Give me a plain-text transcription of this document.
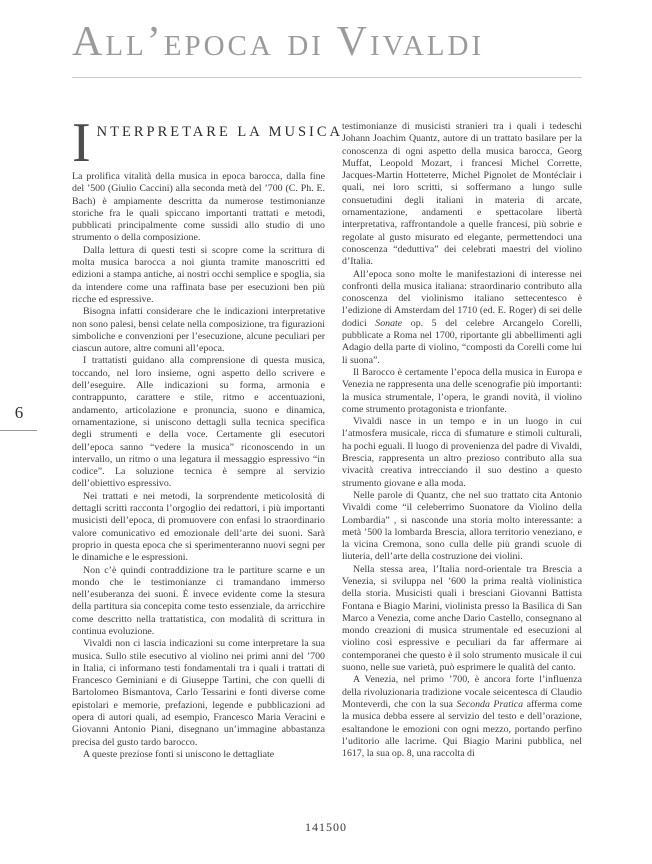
All’epoca di Vivaldi
6
I NTERPRETARE LA MUSICA

La prolifica vitalità della musica in epoca barocca, dalla fine del ’500 (Giulio Caccini) alla seconda metà del ’700 (C. Ph. E. Bach) è ampiamente descritta da numerose testimonianze storiche fra le quali spiccano importanti trattati e metodi, pubblicati principalmente come sussidi allo studio di uno strumento o della composizione.

Dalla lettura di questi testi si scopre come la scrittura di molta musica barocca a noi giunta tramite manoscritti ed edizioni a stampa antiche, ai nostri occhi semplice e spoglia, sia da intendere come una raffinata base per esecuzioni ben più ricche ed espressive.

Bisogna infatti considerare che le indicazioni interpretative non sono palesi, bensì celate nella composizione, tra figurazioni simboliche e convenzioni per l’esecuzione, alcune peculiari per ciascun autore, altre comuni all’epoca.

I trattatisti guidano alla comprensione di questa musica, toccando, nel loro insieme, ogni aspetto dello scrivere e dell’eseguire. Alle indicazioni su forma, armonia e contrappunto, carattere e stile, ritmo e accentuazioni, andamento, articolazione e pronuncia, suono e dinamica, ornamentazione, si uniscono dettagli sulla tecnica specifica degli strumenti e della voce. Certamente gli esecutori dell’epoca sanno “vedere la musica” riconoscendo in un intervallo, un ritmo o una legatura il messaggio espressivo “in codice”. La soluzione tecnica è sempre al servizio dell’obiettivo espressivo.

Nei trattati e nei metodi, la sorprendente meticolosità di dettagli scritti racconta l’orgoglio dei redattori, i più importanti musicisti dell’epoca, di promuovere con enfasi lo straordinario valore comunicativo ed emozionale dell’arte dei suoni. Sarà proprio in questa epoca che si sperimenteranno nuovi segni per le dinamiche e le espressioni.

Non c’è quindi contraddizione tra le partiture scarne e un mondo che le testimonianze ci tramandano immerso nell’esuberanza dei suoni. È invece evidente come la stesura della partitura sia concepita come testo essenziale, da arricchire come descritto nella trattatistica, con modalità di scrittura in continua evoluzione.

Vivaldi non ci lascia indicazioni su come interpretare la sua musica. Sullo stile esecutivo al violino nei primi anni del ’700 in Italia, ci informano testi fondamentali tra i quali i trattati di Francesco Geminiani e di Giuseppe Tartini, che con quelli di Bartolomeo Bismantova, Carlo Tessarini e fonti diverse come epistolari e memorie, prefazioni, legende e pubblicazioni ad opera di autori quali, ad esempio, Francesco Maria Veracini e Giovanni Antonio Piani, disegnano un’immagine abbastanza precisa del gusto tardo barocco.

A queste preziose fonti si uniscono le dettagliate

testimonianze di musicisti stranieri tra i quali i tedeschi Johann Joachim Quantz, autore di un trattato basilare per la conoscenza di ogni aspetto della musica barocca, Georg Muffat, Leopold Mozart, i francesi Michel Corrette, Jacques-Martin Hotteterre, Michel Pignolet de Montéclair i quali, nei loro scritti, si soffermano a lungo sulle consuetudini degli italiani in materia di arcate, ornamentazione, andamenti e spettacolare libertà interpretativa, raffrontandole a quelle francesi, più sobrie e regolate al gusto misurato ed elegante, permettendoci una conoscenza “deduttiva” dei celebrati maestri del violino d’Italia.

All’epoca sono molte le manifestazioni di interesse nei confronti della musica italiana: straordinario contributo alla conoscenza del violinismo italiano settecentesco è l’edizione di Amsterdam del 1710 (ed. E. Roger) di sei delle dodici Sonate op. 5 del celebre Arcangelo Corelli, pubblicate a Roma nel 1700, riportante gli abbellimenti agli Adagio della parte di violino, “composti da Corelli come lui li suona”.

Il Barocco è certamente l’epoca della musica in Europa e Venezia ne rappresenta una delle scenografie più importanti: la musica strumentale, l’opera, le grandi novità, il violino come strumento protagonista e trionfante.

Vivaldi nasce in un tempo e in un luogo in cui l’atmosfera musicale, ricca di sfumature e stimoli culturali, ha pochi eguali. Il luogo di provenienza del padre di Vivaldi, Brescia, rappresenta un altro prezioso contributo alla sua vivacità creativa intrecciando il suo destino a questo strumento giovane e alla moda.

Nelle parole di Quantz, che nel suo trattato cita Antonio Vivaldi come “il celeberrimo Suonatore da Violino della Lombardia” , si nasconde una storia molto interessante: a metà ’500 la lombarda Brescia, allora territorio veneziano, e la vicina Cremona, sono culla delle più grandi scuole di liuteria, dell’arte della costruzione dei violini.

Nella stessa area, l’Italia nord-orientale tra Brescia a Venezia, si sviluppa nel ’600 la prima realtà violinistica della storia. Musicisti quali i bresciani Giovanni Battista Fontana e Biagio Marini, violinista presso la Basilica di San Marco a Venezia, come anche Dario Castello, consegnano al mondo creazioni di musica strumentale ed esecuzioni al violino così espressive e peculiari da far affermare ai contemporanei che questo è il solo strumento musicale il cui suono, nelle sue varietà, può esprimere le qualità del canto.

A Venezia, nel primo ’700, è ancora forte l’influenza della rivoluzionaria tradizione vocale seicentesca di Claudio Monteverdi, che con la sua Seconda Pratica afferma come la musica debba essere al servizio del testo e dell’orazione, esaltandone le emozioni con ogni mezzo, portando perfino l’uditorio alle lacrime. Qui Biagio Marini pubblica, nel 1617, la sua op. 8, una raccolta di

141500
